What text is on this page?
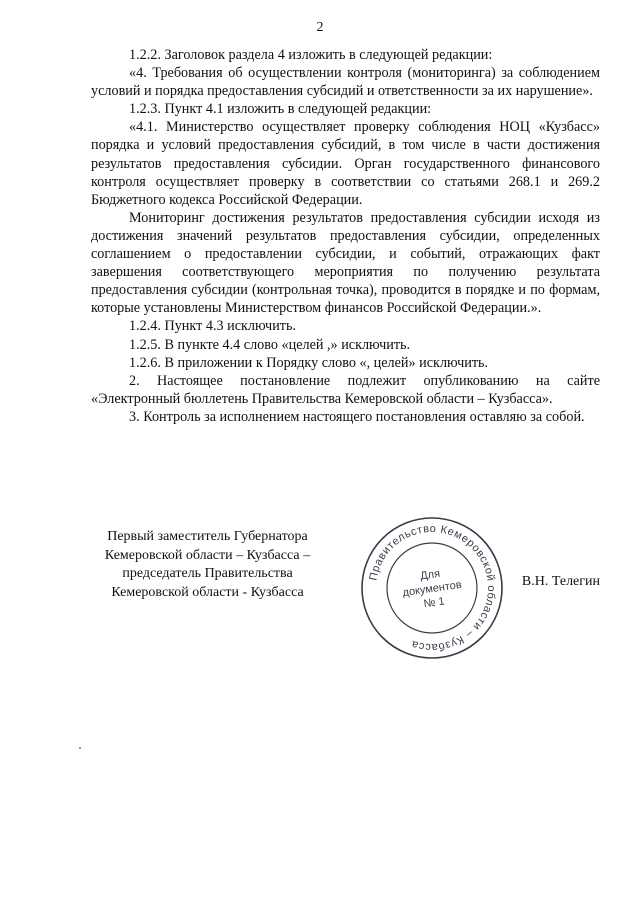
2

1.2.2. Заголовок раздела 4 изложить в следующей редакции:

«4. Требования об осуществлении контроля (мониторинга) за соблюдением условий и порядка предоставления субсидий и ответственности за их нарушение».

1.2.3. Пункт 4.1 изложить в следующей редакции:

«4.1. Министерство осуществляет проверку соблюдения НОЦ «Кузбасс» порядка и условий предоставления субсидий, в том числе в части достижения результатов предоставления субсидии. Орган государственного финансового контроля осуществляет проверку в соответствии со статьями 268.1 и 269.2 Бюджетного кодекса Российской Федерации.

Мониторинг достижения результатов предоставления субсидии исходя из достижения значений результатов предоставления субсидии, определенных соглашением о предоставлении субсидии, и событий, отражающих факт завершения соответствующего мероприятия по получению результата предоставления субсидии (контрольная точка), проводится в порядке и по формам, которые установлены Министерством финансов Российской Федерации.».

1.2.4. Пункт 4.3 исключить.

1.2.5. В пункте 4.4 слово «целей ,» исключить.

1.2.6. В приложении к Порядку слово «, целей» исключить.

2. Настоящее постановление подлежит опубликованию на сайте «Электронный бюллетень Правительства Кемеровской области – Кузбасса».

3. Контроль за исполнением настоящего постановления оставляю за собой.

Первый заместитель Губернатора
Кемеровской области – Кузбасса –
председатель Правительства
Кемеровской области - Кузбасса
Правительство Кемеровской области – Кузбасса
Для
документов
№ 1
В.Н. Телегин
